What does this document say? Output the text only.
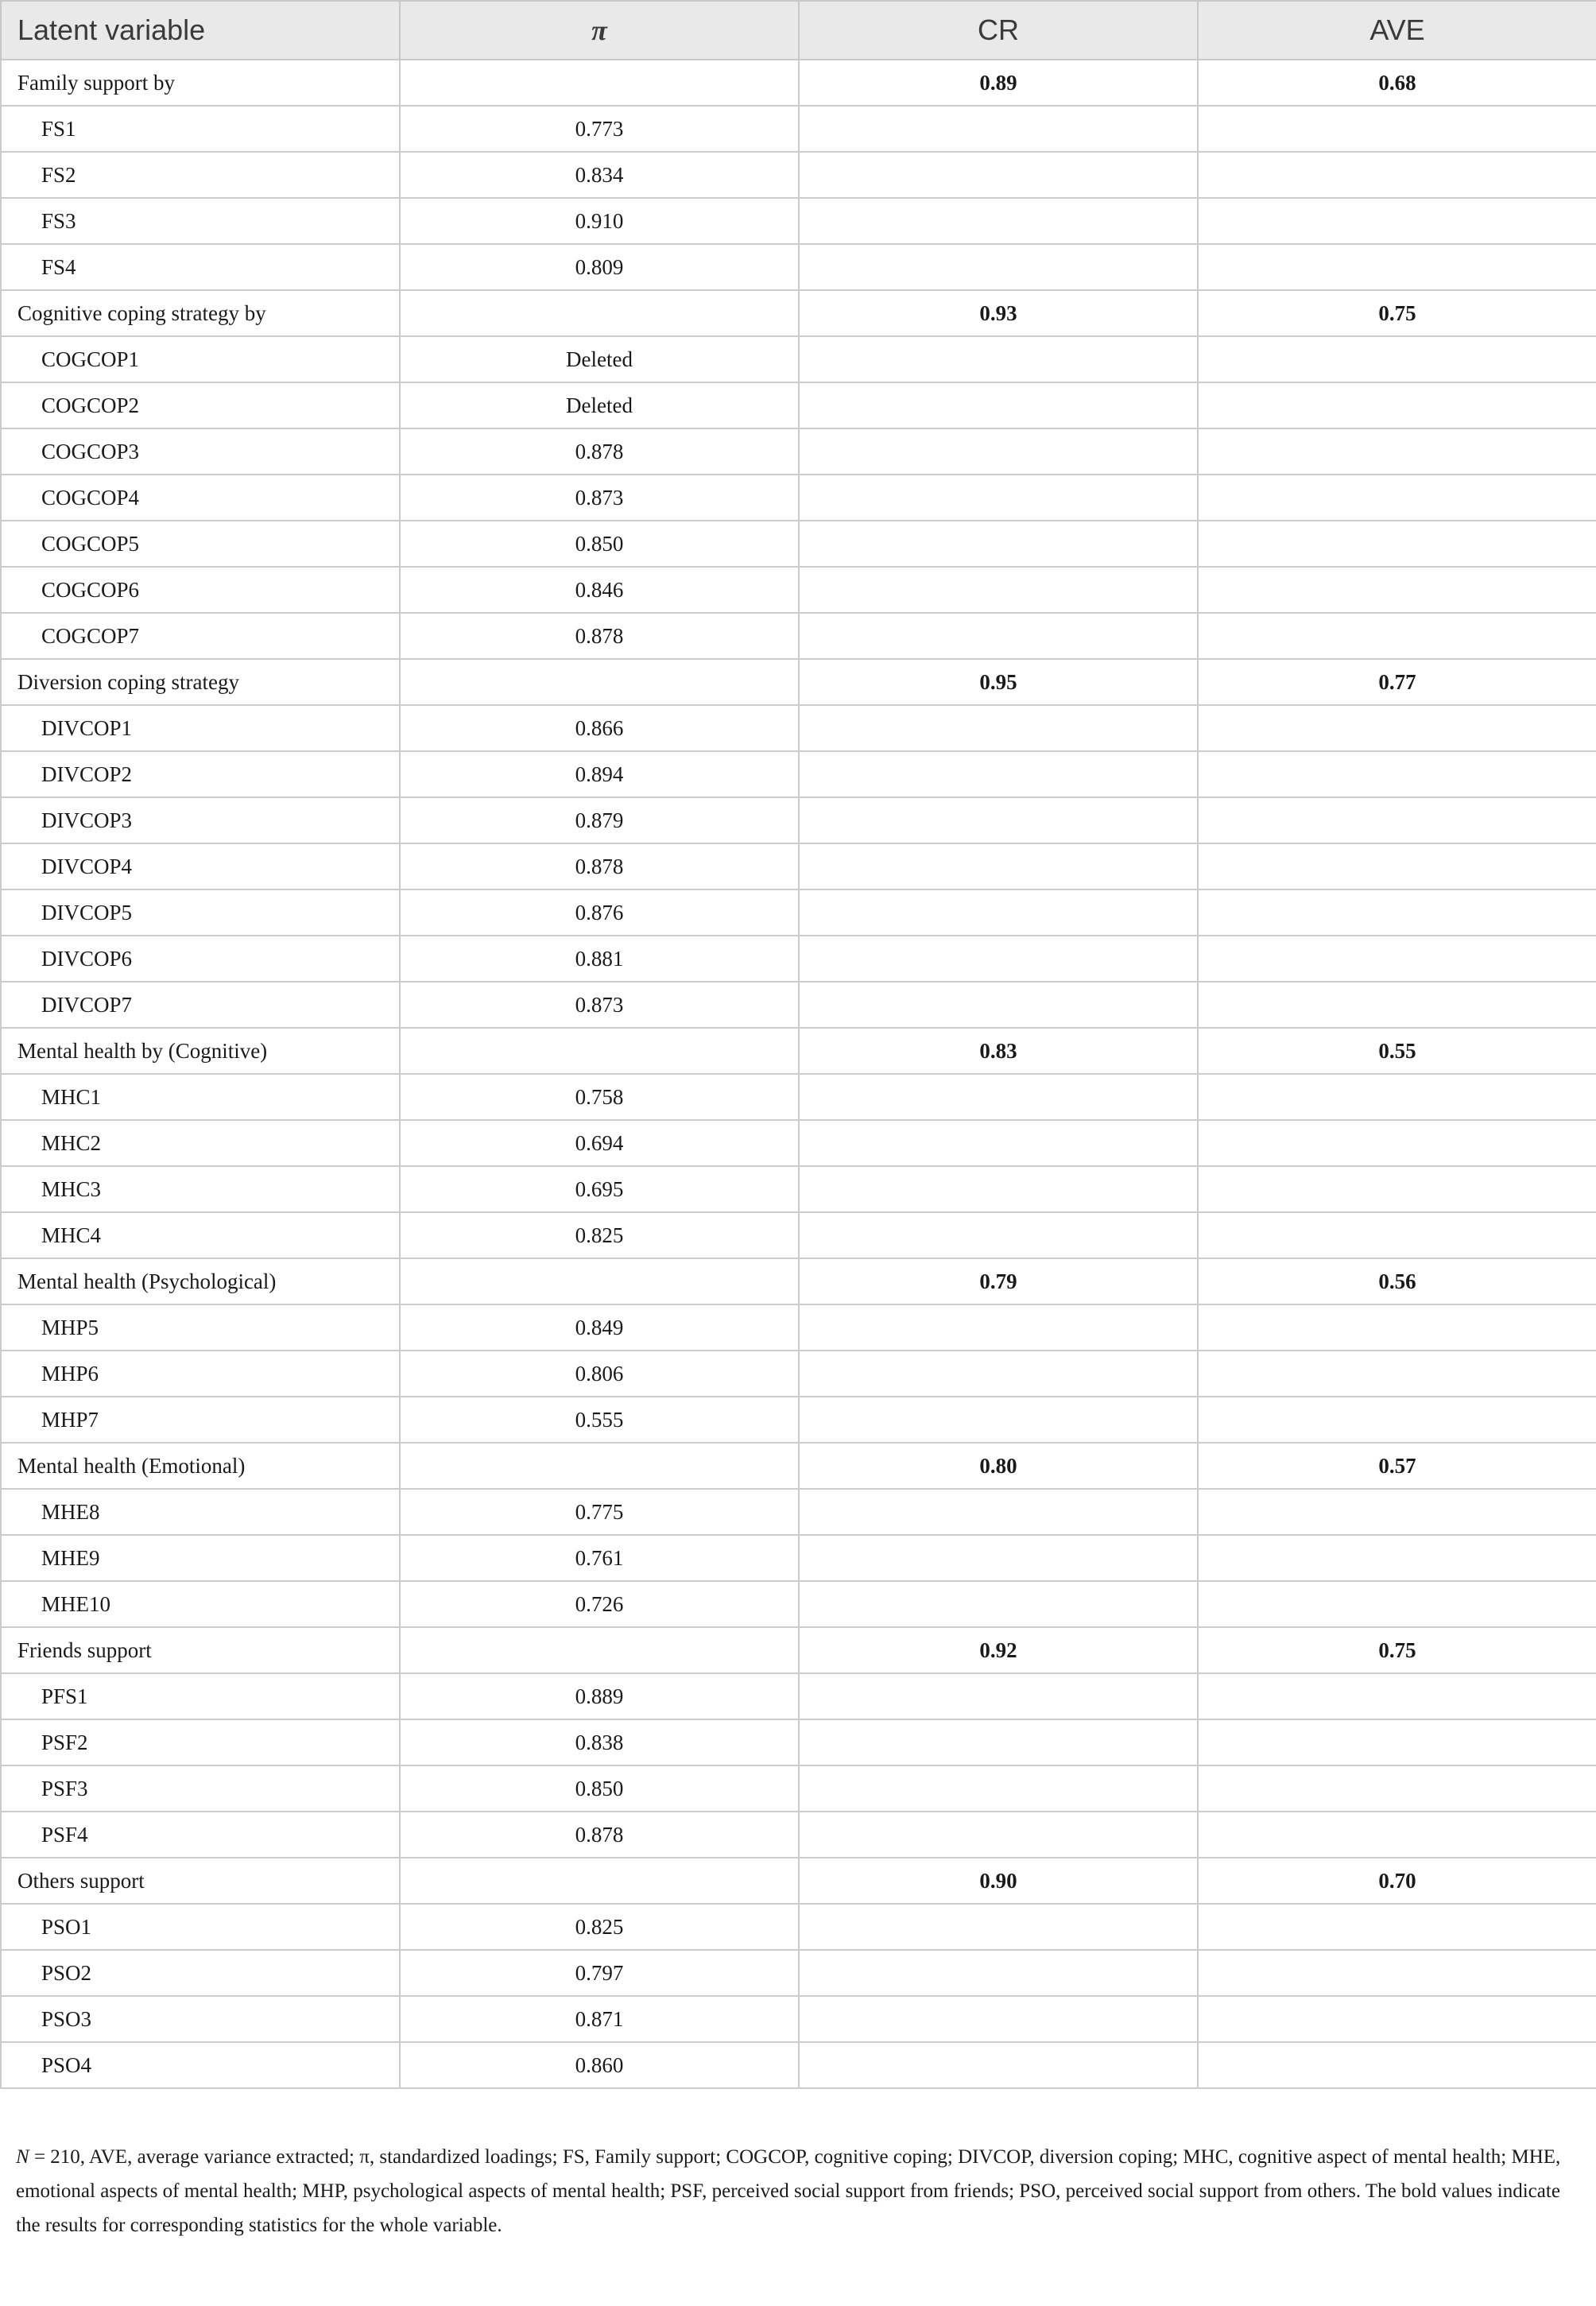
Latent variable	π	CR	AVE
Family support by		0.89	0.68
FS1	0.773		
FS2	0.834		
FS3	0.910		
FS4	0.809		
Cognitive coping strategy by		0.93	0.75
COGCOP1	Deleted		
COGCOP2	Deleted		
COGCOP3	0.878		
COGCOP4	0.873		
COGCOP5	0.850		
COGCOP6	0.846		
COGCOP7	0.878		
Diversion coping strategy		0.95	0.77
DIVCOP1	0.866		
DIVCOP2	0.894		
DIVCOP3	0.879		
DIVCOP4	0.878		
DIVCOP5	0.876		
DIVCOP6	0.881		
DIVCOP7	0.873		
Mental health by (Cognitive)		0.83	0.55
MHC1	0.758		
MHC2	0.694		
MHC3	0.695		
MHC4	0.825		
Mental health (Psychological)		0.79	0.56
MHP5	0.849		
MHP6	0.806		
MHP7	0.555		
Mental health (Emotional)		0.80	0.57
MHE8	0.775		
MHE9	0.761		
MHE10	0.726		
Friends support		0.92	0.75
PFS1	0.889		
PSF2	0.838		
PSF3	0.850		
PSF4	0.878		
Others support		0.90	0.70
PSO1	0.825		
PSO2	0.797		
PSO3	0.871		
PSO4	0.860		
N = 210, AVE, average variance extracted; π, standardized loadings; FS, Family support; COGCOP, cognitive coping; DIVCOP, diversion coping; MHC, cognitive aspect of mental health; MHE, emotional aspects of mental health; MHP, psychological aspects of mental health; PSF, perceived social support from friends; PSO, perceived social support from others. The bold values indicate the results for corresponding statistics for the whole variable.
